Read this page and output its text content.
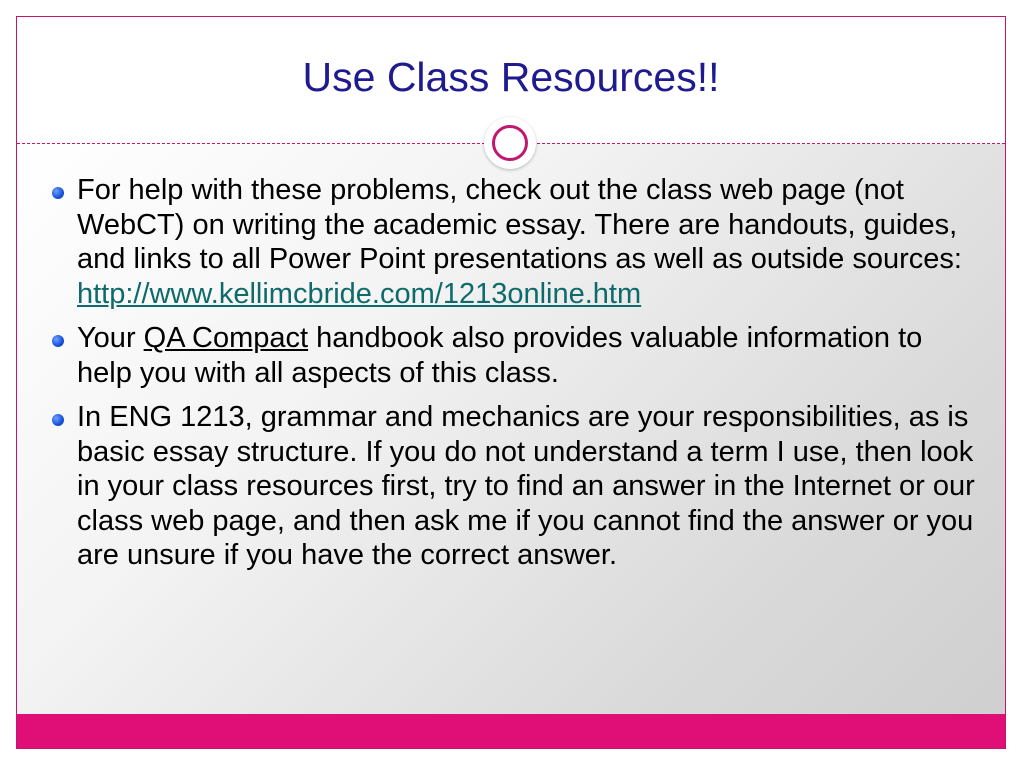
Use Class Resources!!
For help with these problems, check out the class web page (not WebCT) on writing the academic essay. There are handouts, guides, and links to all Power Point presentations as well as outside sources: http://www.kellimcbride.com/1213online.htm
Your QA Compact handbook also provides valuable information to help you with all aspects of this class.
In ENG 1213, grammar and mechanics are your responsibilities, as is basic essay structure. If you do not understand a term I use, then look in your class resources first, try to find an answer in the Internet or our class web page, and then ask me if you cannot find the answer or you are unsure if you have the correct answer.
